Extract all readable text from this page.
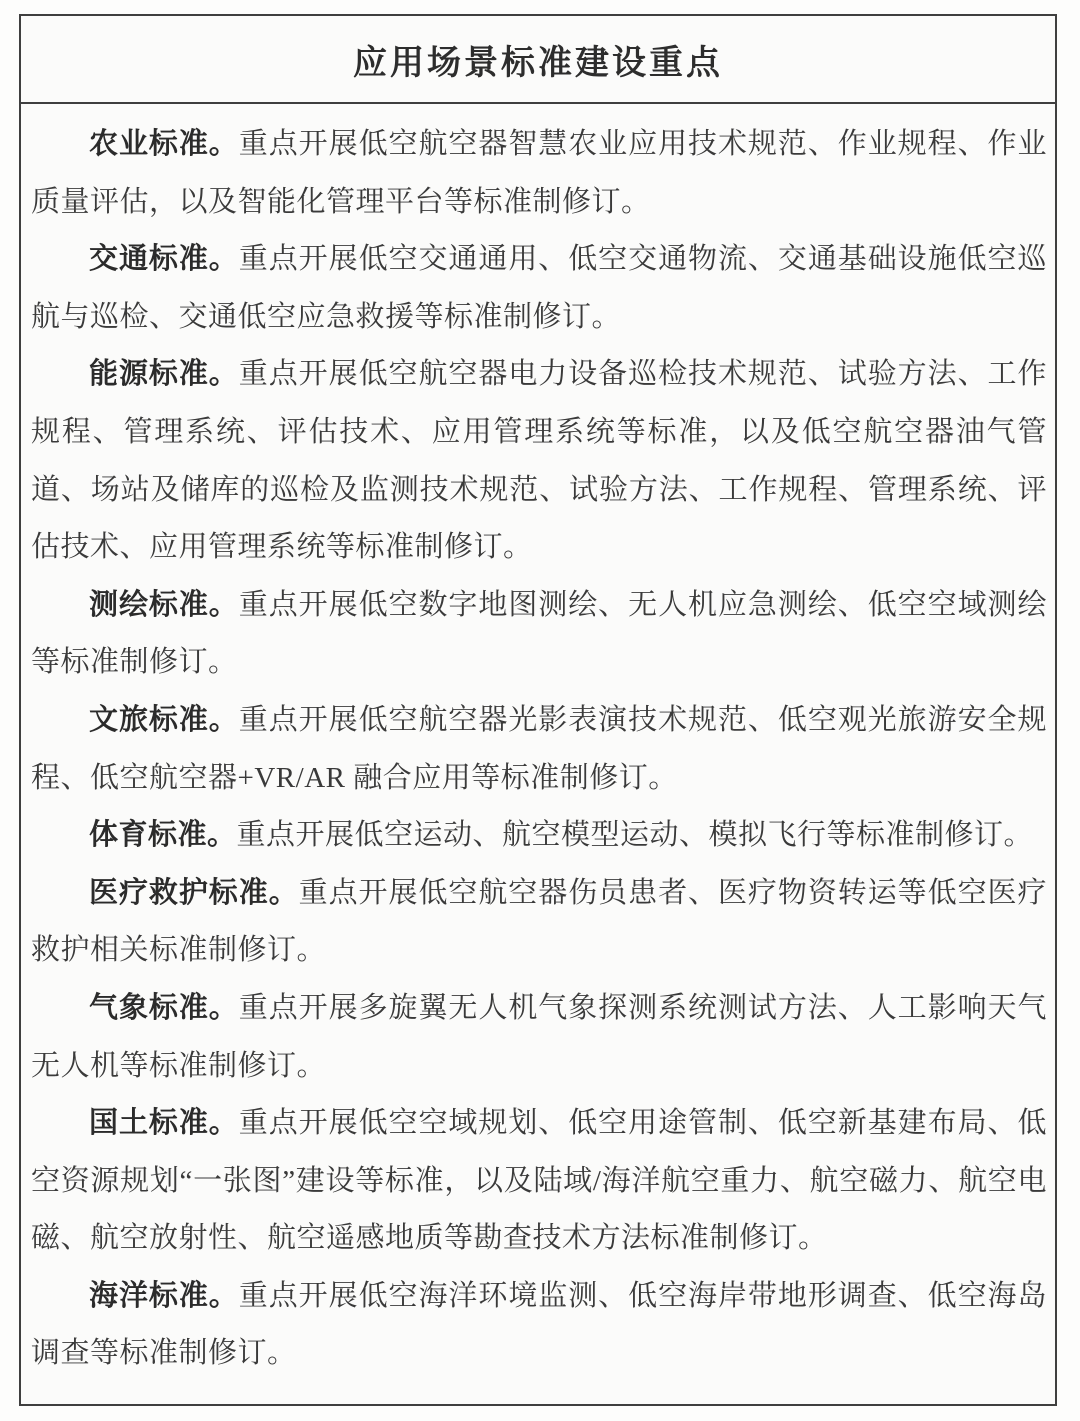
应用场景标准建设重点

农业标准。重点开展低空航空器智慧农业应用技术规范、作业规程、作业质量评估，以及智能化管理平台等标准制修订。

交通标准。重点开展低空交通通用、低空交通物流、交通基础设施低空巡航与巡检、交通低空应急救援等标准制修订。

能源标准。重点开展低空航空器电力设备巡检技术规范、试验方法、工作规程、管理系统、评估技术、应用管理系统等标准，以及低空航空器油气管道、场站及储库的巡检及监测技术规范、试验方法、工作规程、管理系统、评估技术、应用管理系统等标准制修订。

测绘标准。重点开展低空数字地图测绘、无人机应急测绘、低空空域测绘等标准制修订。

文旅标准。重点开展低空航空器光影表演技术规范、低空观光旅游安全规程、低空航空器+VR/AR 融合应用等标准制修订。

体育标准。重点开展低空运动、航空模型运动、模拟飞行等标准制修订。

医疗救护标准。重点开展低空航空器伤员患者、医疗物资转运等低空医疗救护相关标准制修订。

气象标准。重点开展多旋翼无人机气象探测系统测试方法、人工影响天气无人机等标准制修订。

国土标准。重点开展低空空域规划、低空用途管制、低空新基建布局、低空资源规划“一张图”建设等标准，以及陆域/海洋航空重力、航空磁力、航空电磁、航空放射性、航空遥感地质等勘查技术方法标准制修订。

海洋标准。重点开展低空海洋环境监测、低空海岸带地形调查、低空海岛调查等标准制修订。
